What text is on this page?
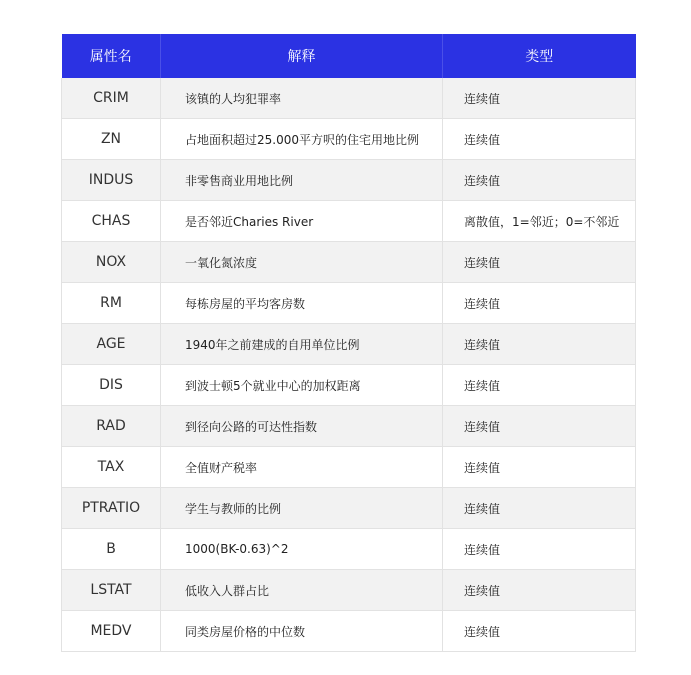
属性名	解释	类型
CRIM	该镇的人均犯罪率	连续值
ZN	占地面积超过25.000平方呎的住宅用地比例	连续值
INDUS	非零售商业用地比例	连续值
CHAS	是否邻近Charies River	离散值，1=邻近；0=不邻近
NOX	一氧化氮浓度	连续值
RM	每栋房屋的平均客房数	连续值
AGE	1940年之前建成的自用单位比例	连续值
DIS	到波士顿5个就业中心的加权距离	连续值
RAD	到径向公路的可达性指数	连续值
TAX	全值财产税率	连续值
PTRATIO	学生与教师的比例	连续值
B	1000(BK-0.63)^2	连续值
LSTAT	低收入人群占比	连续值
MEDV	同类房屋价格的中位数	连续值
